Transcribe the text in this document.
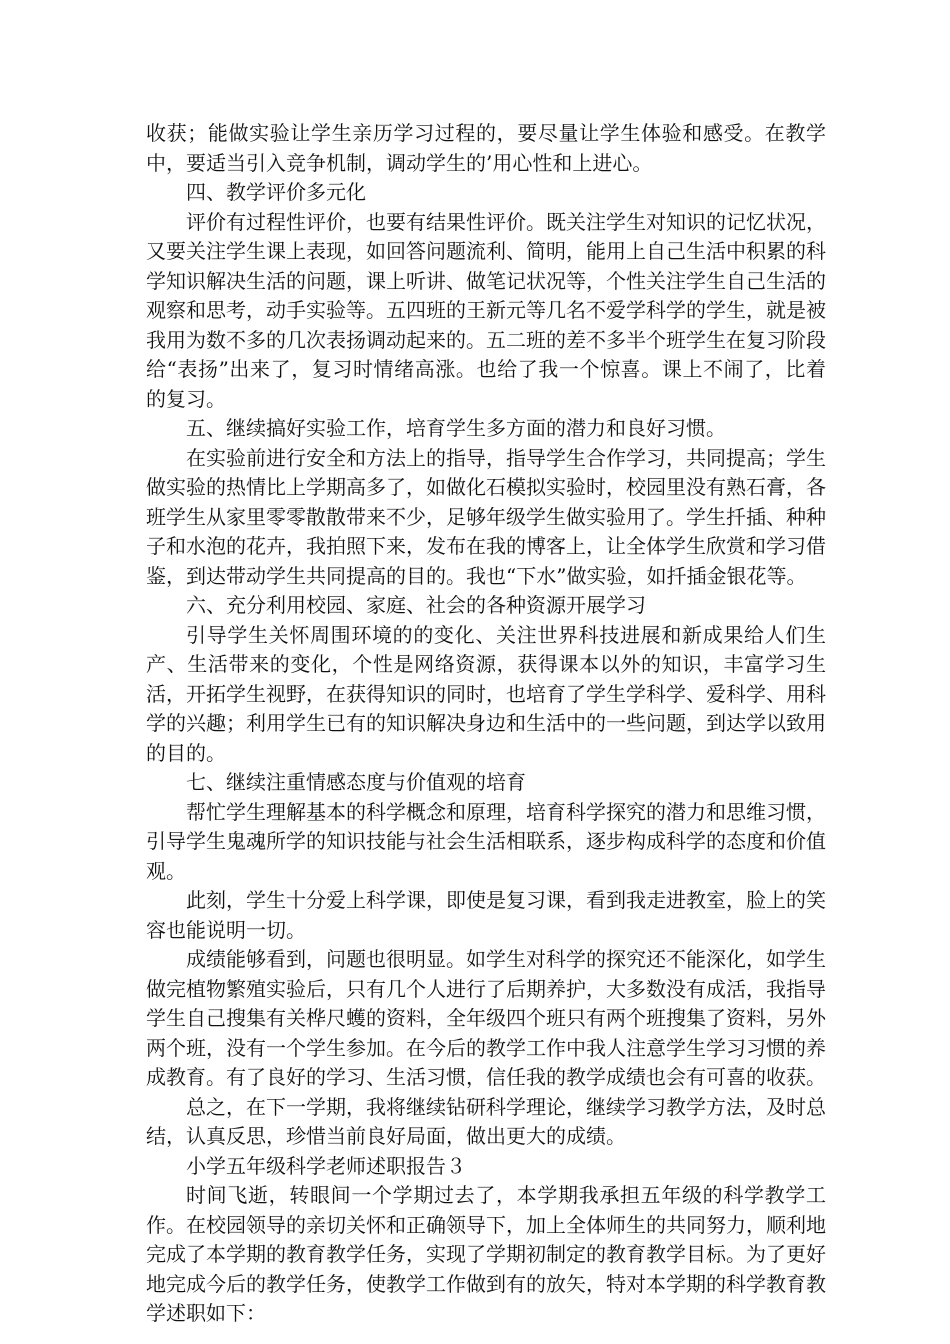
收获；能做实验让学生亲历学习过程的，要尽量让学生体验和感受。在教学中，要适当引入竞争机制，调动学生的’用心性和上进心。

四、教学评价多元化

评价有过程性评价，也要有结果性评价。既关注学生对知识的记忆状况，又要关注学生课上表现，如回答问题流利、简明，能用上自己生活中积累的科学知识解决生活的问题，课上听讲、做笔记状况等，个性关注学生自己生活的观察和思考，动手实验等。五四班的王新元等几名不爱学科学的学生，就是被我用为数不多的几次表扬调动起来的。五二班的差不多半个班学生在复习阶段给“表扬”出来了，复习时情绪高涨。也给了我一个惊喜。课上不闹了，比着的复习。

五、继续搞好实验工作，培育学生多方面的潜力和良好习惯。

在实验前进行安全和方法上的指导，指导学生合作学习，共同提高；学生做实验的热情比上学期高多了，如做化石模拟实验时，校园里没有熟石膏，各班学生从家里零零散散带来不少，足够年级学生做实验用了。学生扦插、种种子和水泡的花卉，我拍照下来，发布在我的博客上，让全体学生欣赏和学习借鉴，到达带动学生共同提高的目的。我也“下水”做实验，如扦插金银花等。

六、充分利用校园、家庭、社会的各种资源开展学习

引导学生关怀周围环境的的变化、关注世界科技进展和新成果给人们生产、生活带来的变化，个性是网络资源，获得课本以外的知识，丰富学习生活，开拓学生视野，在获得知识的同时，也培育了学生学科学、爱科学、用科学的兴趣；利用学生已有的知识解决身边和生活中的一些问题，到达学以致用的目的。

七、继续注重情感态度与价值观的培育

帮忙学生理解基本的科学概念和原理，培育科学探究的潜力和思维习惯，引导学生鬼魂所学的知识技能与社会生活相联系，逐步构成科学的态度和价值观。

此刻，学生十分爱上科学课，即使是复习课，看到我走进教室，脸上的笑容也能说明一切。

成绩能够看到，问题也很明显。如学生对科学的探究还不能深化，如学生做完植物繁殖实验后，只有几个人进行了后期养护，大多数没有成活，我指导学生自己搜集有关桦尺蠖的资料，全年级四个班只有两个班搜集了资料，另外两个班，没有一个学生参加。在今后的教学工作中我人注意学生学习习惯的养成教育。有了良好的学习、生活习惯，信任我的教学成绩也会有可喜的收获。

总之，在下一学期，我将继续钻研科学理论，继续学习教学方法，及时总结，认真反思，珍惜当前良好局面，做出更大的成绩。

小学五年级科学老师述职报告３

时间飞逝，转眼间一个学期过去了，本学期我承担五年级的科学教学工作。在校园领导的亲切关怀和正确领导下，加上全体师生的共同努力，顺利地完成了本学期的教育教学任务，实现了学期初制定的教育教学目标。为了更好地完成今后的教学任务，使教学工作做到有的放矢，特对本学期的科学教育教学述职如下：
